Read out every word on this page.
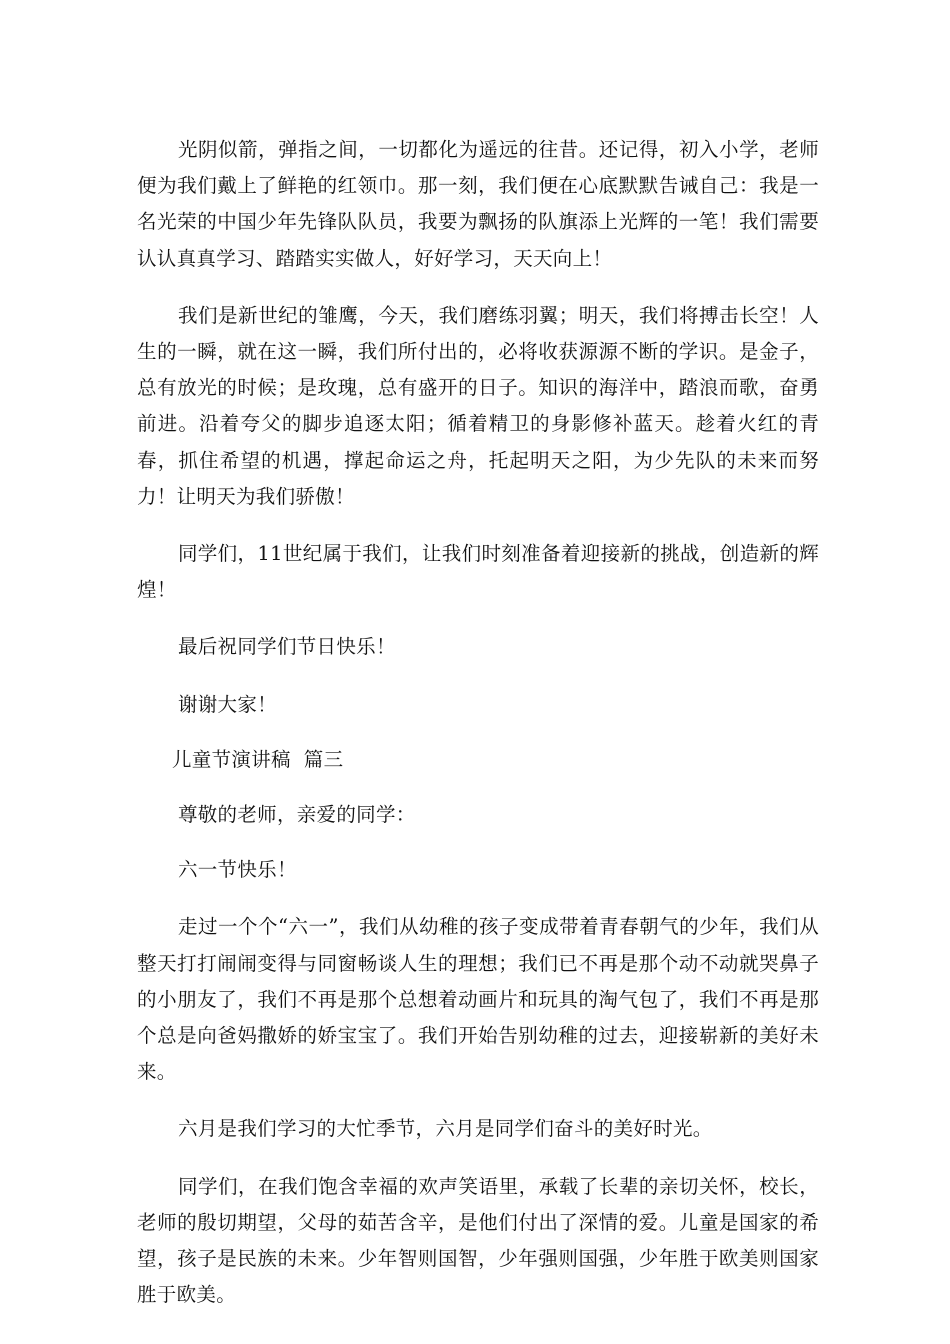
光阴似箭，弹指之间，一切都化为遥远的往昔。还记得，初入小学，老师便为我们戴上了鲜艳的红领巾。那一刻，我们便在心底默默告诫自己：我是一名光荣的中国少年先锋队队员，我要为飘扬的队旗添上光辉的一笔！我们需要认认真真学习、踏踏实实做人，好好学习，天天向上！

我们是新世纪的雏鹰，今天，我们磨练羽翼；明天，我们将搏击长空！人生的一瞬，就在这一瞬，我们所付出的，必将收获源源不断的学识。是金子，总有放光的时候；是玫瑰，总有盛开的日子。知识的海洋中，踏浪而歌，奋勇前进。沿着夸父的脚步追逐太阳；循着精卫的身影修补蓝天。趁着火红的青春，抓住希望的机遇，撑起命运之舟，托起明天之阳，为少先队的未来而努力！让明天为我们骄傲！

同学们，11世纪属于我们，让我们时刻准备着迎接新的挑战，创造新的辉煌！

最后祝同学们节日快乐！

谢谢大家！

儿童节演讲稿  篇三

尊敬的老师，亲爱的同学：

六一节快乐！

走过一个个“六一”，我们从幼稚的孩子变成带着青春朝气的少年，我们从整天打打闹闹变得与同窗畅谈人生的理想；我们已不再是那个动不动就哭鼻子的小朋友了，我们不再是那个总想着动画片和玩具的淘气包了，我们不再是那个总是向爸妈撒娇的娇宝宝了。我们开始告别幼稚的过去，迎接崭新的美好未来。

六月是我们学习的大忙季节，六月是同学们奋斗的美好时光。

同学们，在我们饱含幸福的欢声笑语里，承载了长辈的亲切关怀，校长，老师的殷切期望，父母的茹苦含辛，是他们付出了深情的爱。儿童是国家的希望，孩子是民族的未来。少年智则国智，少年强则国强，少年胜于欧美则国家胜于欧美。
